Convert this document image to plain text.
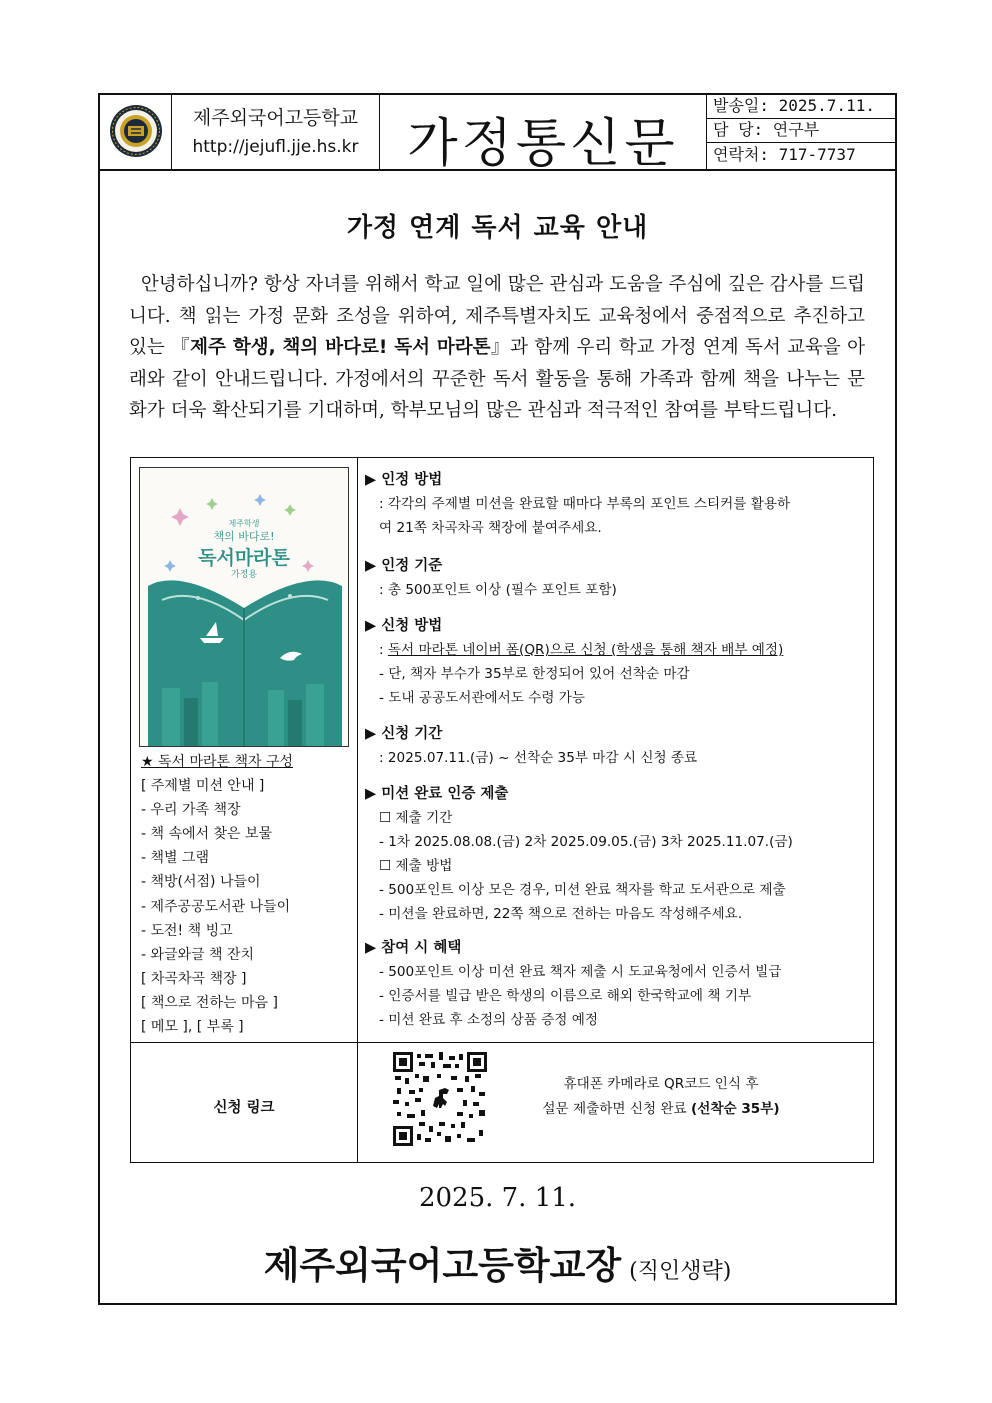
제주외국어고등학교
http://jejufl.jje.hs.kr 가정통신문
발송일: 2025.7.11.
담 당: 연구부
연락처: 717-7737
가정 연계 독서 교육 안내
안녕하십니까? 항상 자녀를 위해서 학교 일에 많은 관심과 도움을 주심에 깊은 감사를 드립니다. 책 읽는 가정 문화 조성을 위하여, 제주특별자치도 교육청에서 중점적으로 추진하고 있는 『제주 학생, 책의 바다로! 독서 마라톤』과 함께 우리 학교 가정 연계 독서 교육을 아래와 같이 안내드립니다. 가정에서의 꾸준한 독서 활동을 통해 가족과 함께 책을 나누는 문화가 더욱 확산되기를 기대하며, 학부모님의 많은 관심과 적극적인 참여를 부탁드립니다.
제주학생
책의 바다로!
독서마라톤
가정용
★ 독서 마라톤 책자 구성
[ 주제별 미션 안내 ]
- 우리 가족 책장
- 책 속에서 찾은 보물
- 책별 그램
- 책방(서점) 나들이
- 제주공공도서관 나들이
- 도전! 책 빙고
- 와글와글 책 잔치
[ 차곡차곡 책장 ]
[ 책으로 전하는 마음 ]
[ 메모 ], [ 부록 ]
▶ 인정 방법
: 각각의 주제별 미션을 완료할 때마다 부록의 포인트 스티커를 활용하
여 21쪽 차곡차곡 책장에 붙여주세요.
▶ 인정 기준
: 총 500포인트 이상 (필수 포인트 포함)
▶ 신청 방법
: 독서 마라톤 네이버 폼(QR)으로 신청 (학생을 통해 책자 배부 예정)
- 단, 책자 부수가 35부로 한정되어 있어 선착순 마감
- 도내 공공도서관에서도 수령 가능
▶ 신청 기간
: 2025.07.11.(금) ~ 선착순 35부 마감 시 신청 종료
▶ 미션 완료 인증 제출
☐ 제출 기간
- 1차 2025.08.08.(금) 2차 2025.09.05.(금) 3차 2025.11.07.(금)
☐ 제출 방법
- 500포인트 이상 모은 경우, 미션 완료 책자를 학교 도서관으로 제출
- 미션을 완료하면, 22쪽 책으로 전하는 마음도 작성해주세요.
▶ 참여 시 혜택
- 500포인트 이상 미션 완료 책자 제출 시 도교육청에서 인증서 빌급
- 인증서를 빌급 받은 학생의 이름으로 해외 한국학교에 책 기부
- 미션 완료 후 소정의 상품 증정 예정
신청 링크
휴대폰 카메라로 QR코드 인식 후
설문 제출하면 신청 완료 (선착순 35부)
2025. 7. 11.
제주외국어고등학교장 (직인생략)
